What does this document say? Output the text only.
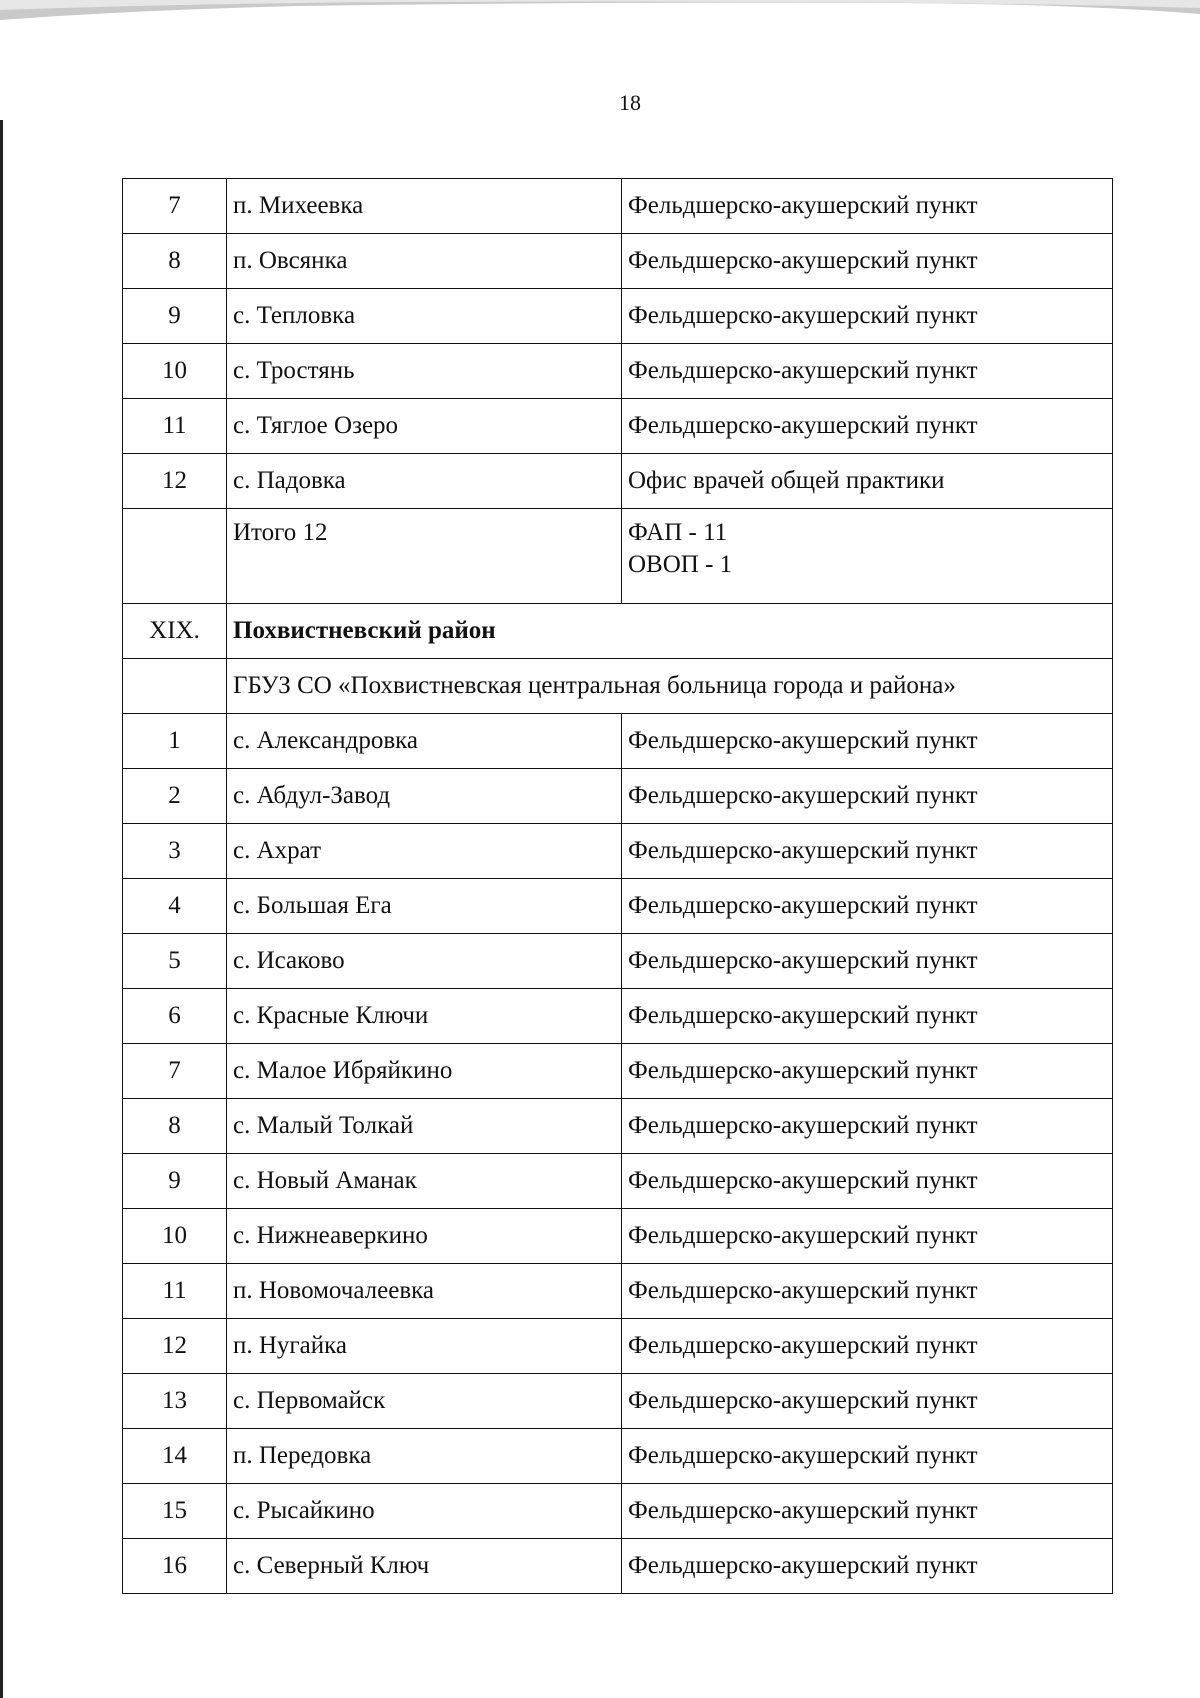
18
7	п. Михеевка	Фельдшерско-акушерский пункт
8	п. Овсянка	Фельдшерско-акушерский пункт
9	с. Тепловка	Фельдшерско-акушерский пункт
10	с. Тростянь	Фельдшерско-акушерский пункт
11	с. Тяглое Озеро	Фельдшерско-акушерский пункт
12	с. Падовка	Офис врачей общей практики
	Итого 12	ФАП - 11
ОВОП - 1

XIX.	Похвистневский район	
	ГБУЗ СО «Похвистневская центральная больница города и района»	
1	с. Александровка	Фельдшерско-акушерский пункт
2	с. Абдул-Завод	Фельдшерско-акушерский пункт
3	с. Ахрат	Фельдшерско-акушерский пункт
4	с. Большая Ега	Фельдшерско-акушерский пункт
5	с. Исаково	Фельдшерско-акушерский пункт
6	с. Красные Ключи	Фельдшерско-акушерский пункт
7	с. Малое Ибряйкино	Фельдшерско-акушерский пункт
8	с. Малый Толкай	Фельдшерско-акушерский пункт
9	с. Новый Аманак	Фельдшерско-акушерский пункт
10	с. Нижнеаверкино	Фельдшерско-акушерский пункт
11	п. Новомочалеевка	Фельдшерско-акушерский пункт
12	п. Нугайка	Фельдшерско-акушерский пункт
13	с. Первомайск	Фельдшерско-акушерский пункт
14	п. Передовка	Фельдшерско-акушерский пункт
15	с. Рысайкино	Фельдшерско-акушерский пункт
16	с. Северный Ключ	Фельдшерско-акушерский пункт
